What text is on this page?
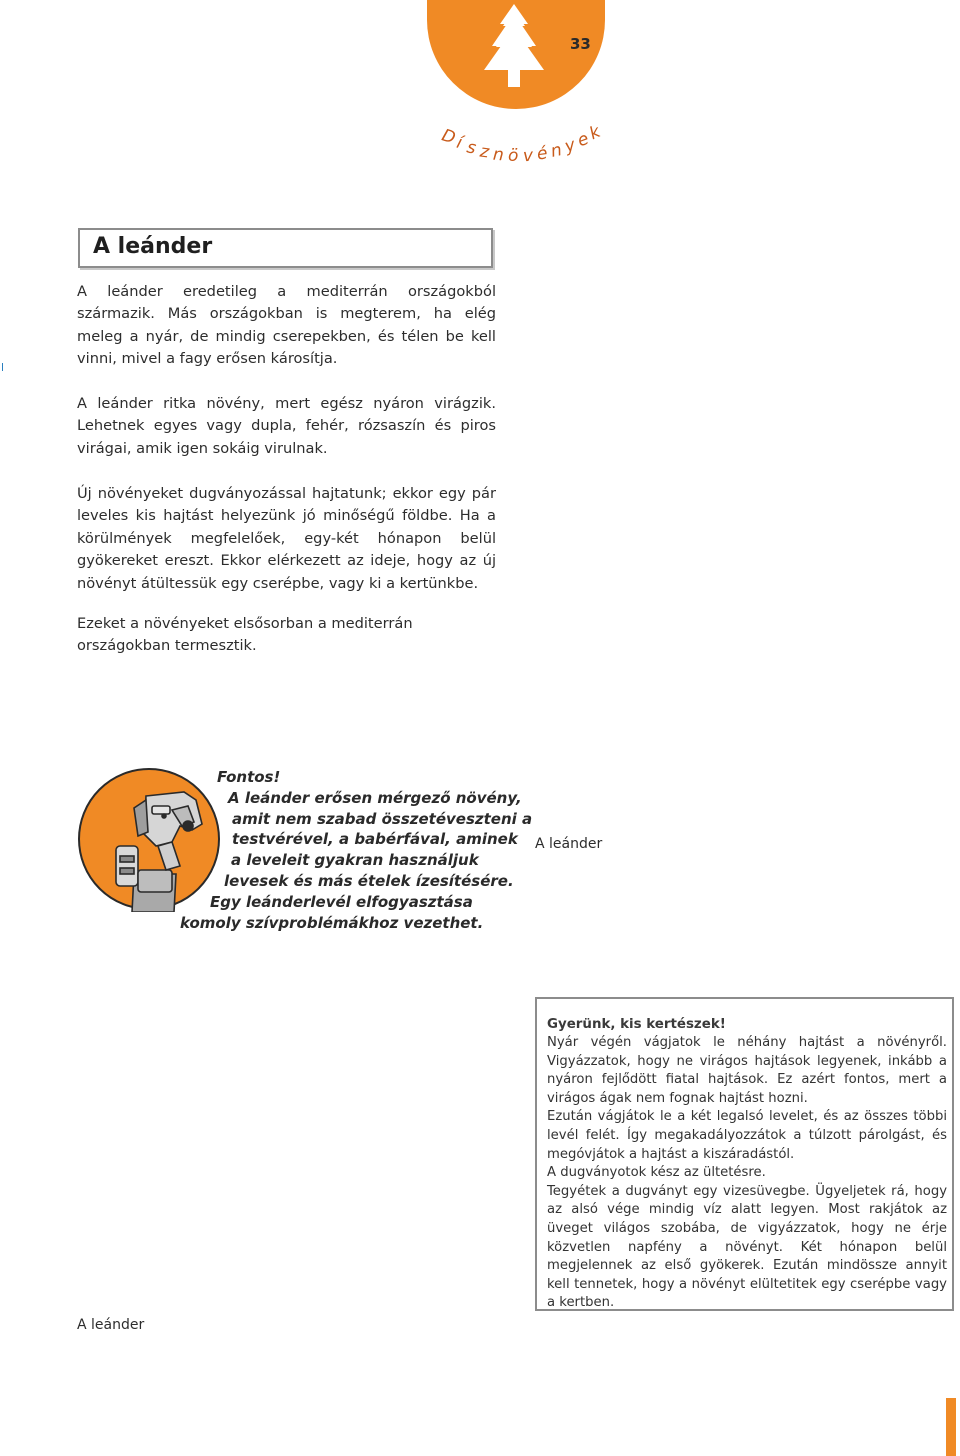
33
D
í s z n ö v é n
y
e
k
A leánder

A leánder eredetileg a mediterrán országokból származik. Más országokban is megterem, ha elég meleg a nyár, de mindig cserepekben, és télen be kell vinni, mivel a fagy erősen károsítja.

A leánder ritka növény, mert egész nyáron virágzik. Lehetnek egyes vagy dupla, fehér, rózsaszín és piros virágai, amik igen sokáig virulnak.

Új növényeket dugványozással hajtatunk; ekkor egy pár leveles kis hajtást helyezünk jó minőségű földbe. Ha a körülmények megfelelőek, egy-két hónapon belül gyökereket ereszt. Ekkor elérkezett az ideje, hogy az új növényt átültessük egy cserépbe, vagy ki a kertünkbe.

Ezeket a növényeket elsősorban a mediterrán országokban termesztik.

Fontos!
A leánder erősen mérgező növény,
amit nem szabad összetéveszteni a
testvérével, a babérfával, aminek
a leveleit gyakran használjuk
levesek és más ételek ízesítésére.
Egy leánderlevél elfogyasztása
komoly szívproblémákhoz vezethet.
A leánder
A leánder
Gyerünk, kis kertészek!

Nyár végén vágjatok le néhány hajtást a növényről. Vigyázzatok, hogy ne virágos hajtások legyenek, inkább a nyáron fejlődött fiatal hajtások. Ez azért fontos, mert a virágos ágak nem fognak hajtást hozni.

Ezután vágjátok le a két legalsó levelet, és az összes többi levél felét. Így megakadályozzátok a túlzott párolgást, és megóvjátok a hajtást a kiszáradástól.

A dugványotok kész az ültetésre.

Tegyétek a dugványt egy vizesüvegbe. Ügyeljetek rá, hogy az alsó vége mindig víz alatt legyen. Most rakjátok az üveget világos szobába, de vigyázzatok, hogy ne érje közvetlen napfény a növényt. Két hónapon belül megjelennek az első gyökerek. Ezután mindössze annyit kell tennetek, hogy a növényt elültetitek egy cserépbe vagy a kertben.
